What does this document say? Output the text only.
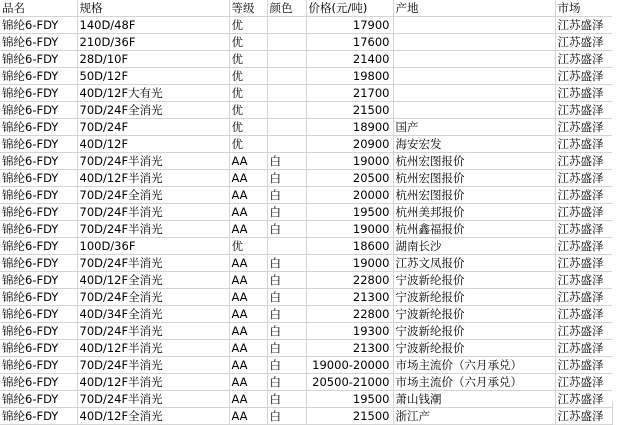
品名	规格	等级	颜色	价格(元/吨)	产地	市场
锦纶6-FDY	140D/48F	优		17900		江苏盛泽
锦纶6-FDY	210D/36F	优		17600		江苏盛泽
锦纶6-FDY	28D/10F	优		21400		江苏盛泽
锦纶6-FDY	50D/12F	优		19800		江苏盛泽
锦纶6-FDY	40D/12F大有光	优		21700		江苏盛泽
锦纶6-FDY	70D/24F全消光	优		21500		江苏盛泽
锦纶6-FDY	70D/24F	优		18900	国产	江苏盛泽
锦纶6-FDY	40D/12F	优		20900	海安宏发	江苏盛泽
锦纶6-FDY	70D/24F半消光	AA	白	19000	杭州宏图报价	江苏盛泽
锦纶6-FDY	40D/12F半消光	AA	白	20500	杭州宏图报价	江苏盛泽
锦纶6-FDY	70D/24F全消光	AA	白	20000	杭州宏图报价	江苏盛泽
锦纶6-FDY	70D/24F半消光	AA	白	19500	杭州美邦报价	江苏盛泽
锦纶6-FDY	70D/24F半消光	AA	白	19000	杭州鑫福报价	江苏盛泽
锦纶6-FDY	100D/36F	优		18600	湖南长沙	江苏盛泽
锦纶6-FDY	70D/24F半消光	AA	白	19000	江苏文凤报价	江苏盛泽
锦纶6-FDY	40D/12F全消光	AA	白	22800	宁波新纶报价	江苏盛泽
锦纶6-FDY	70D/24F全消光	AA	白	21300	宁波新纶报价	江苏盛泽
锦纶6-FDY	40D/34F全消光	AA	白	22800	宁波新纶报价	江苏盛泽
锦纶6-FDY	70D/24F半消光	AA	白	19300	宁波新纶报价	江苏盛泽
锦纶6-FDY	40D/12F半消光	AA	白	21300	宁波新纶报价	江苏盛泽
锦纶6-FDY	70D/24F半消光	AA	白	19000-20000	市场主流价（六月承兑）	江苏盛泽
锦纶6-FDY	40D/12F半消光	AA	白	20500-21000	市场主流价（六月承兑）	江苏盛泽
锦纶6-FDY	70D/24F半消光	AA	白	19500	萧山钱潮	江苏盛泽
锦纶6-FDY	40D/12F全消光	AA	白	21500	浙江产	江苏盛泽
